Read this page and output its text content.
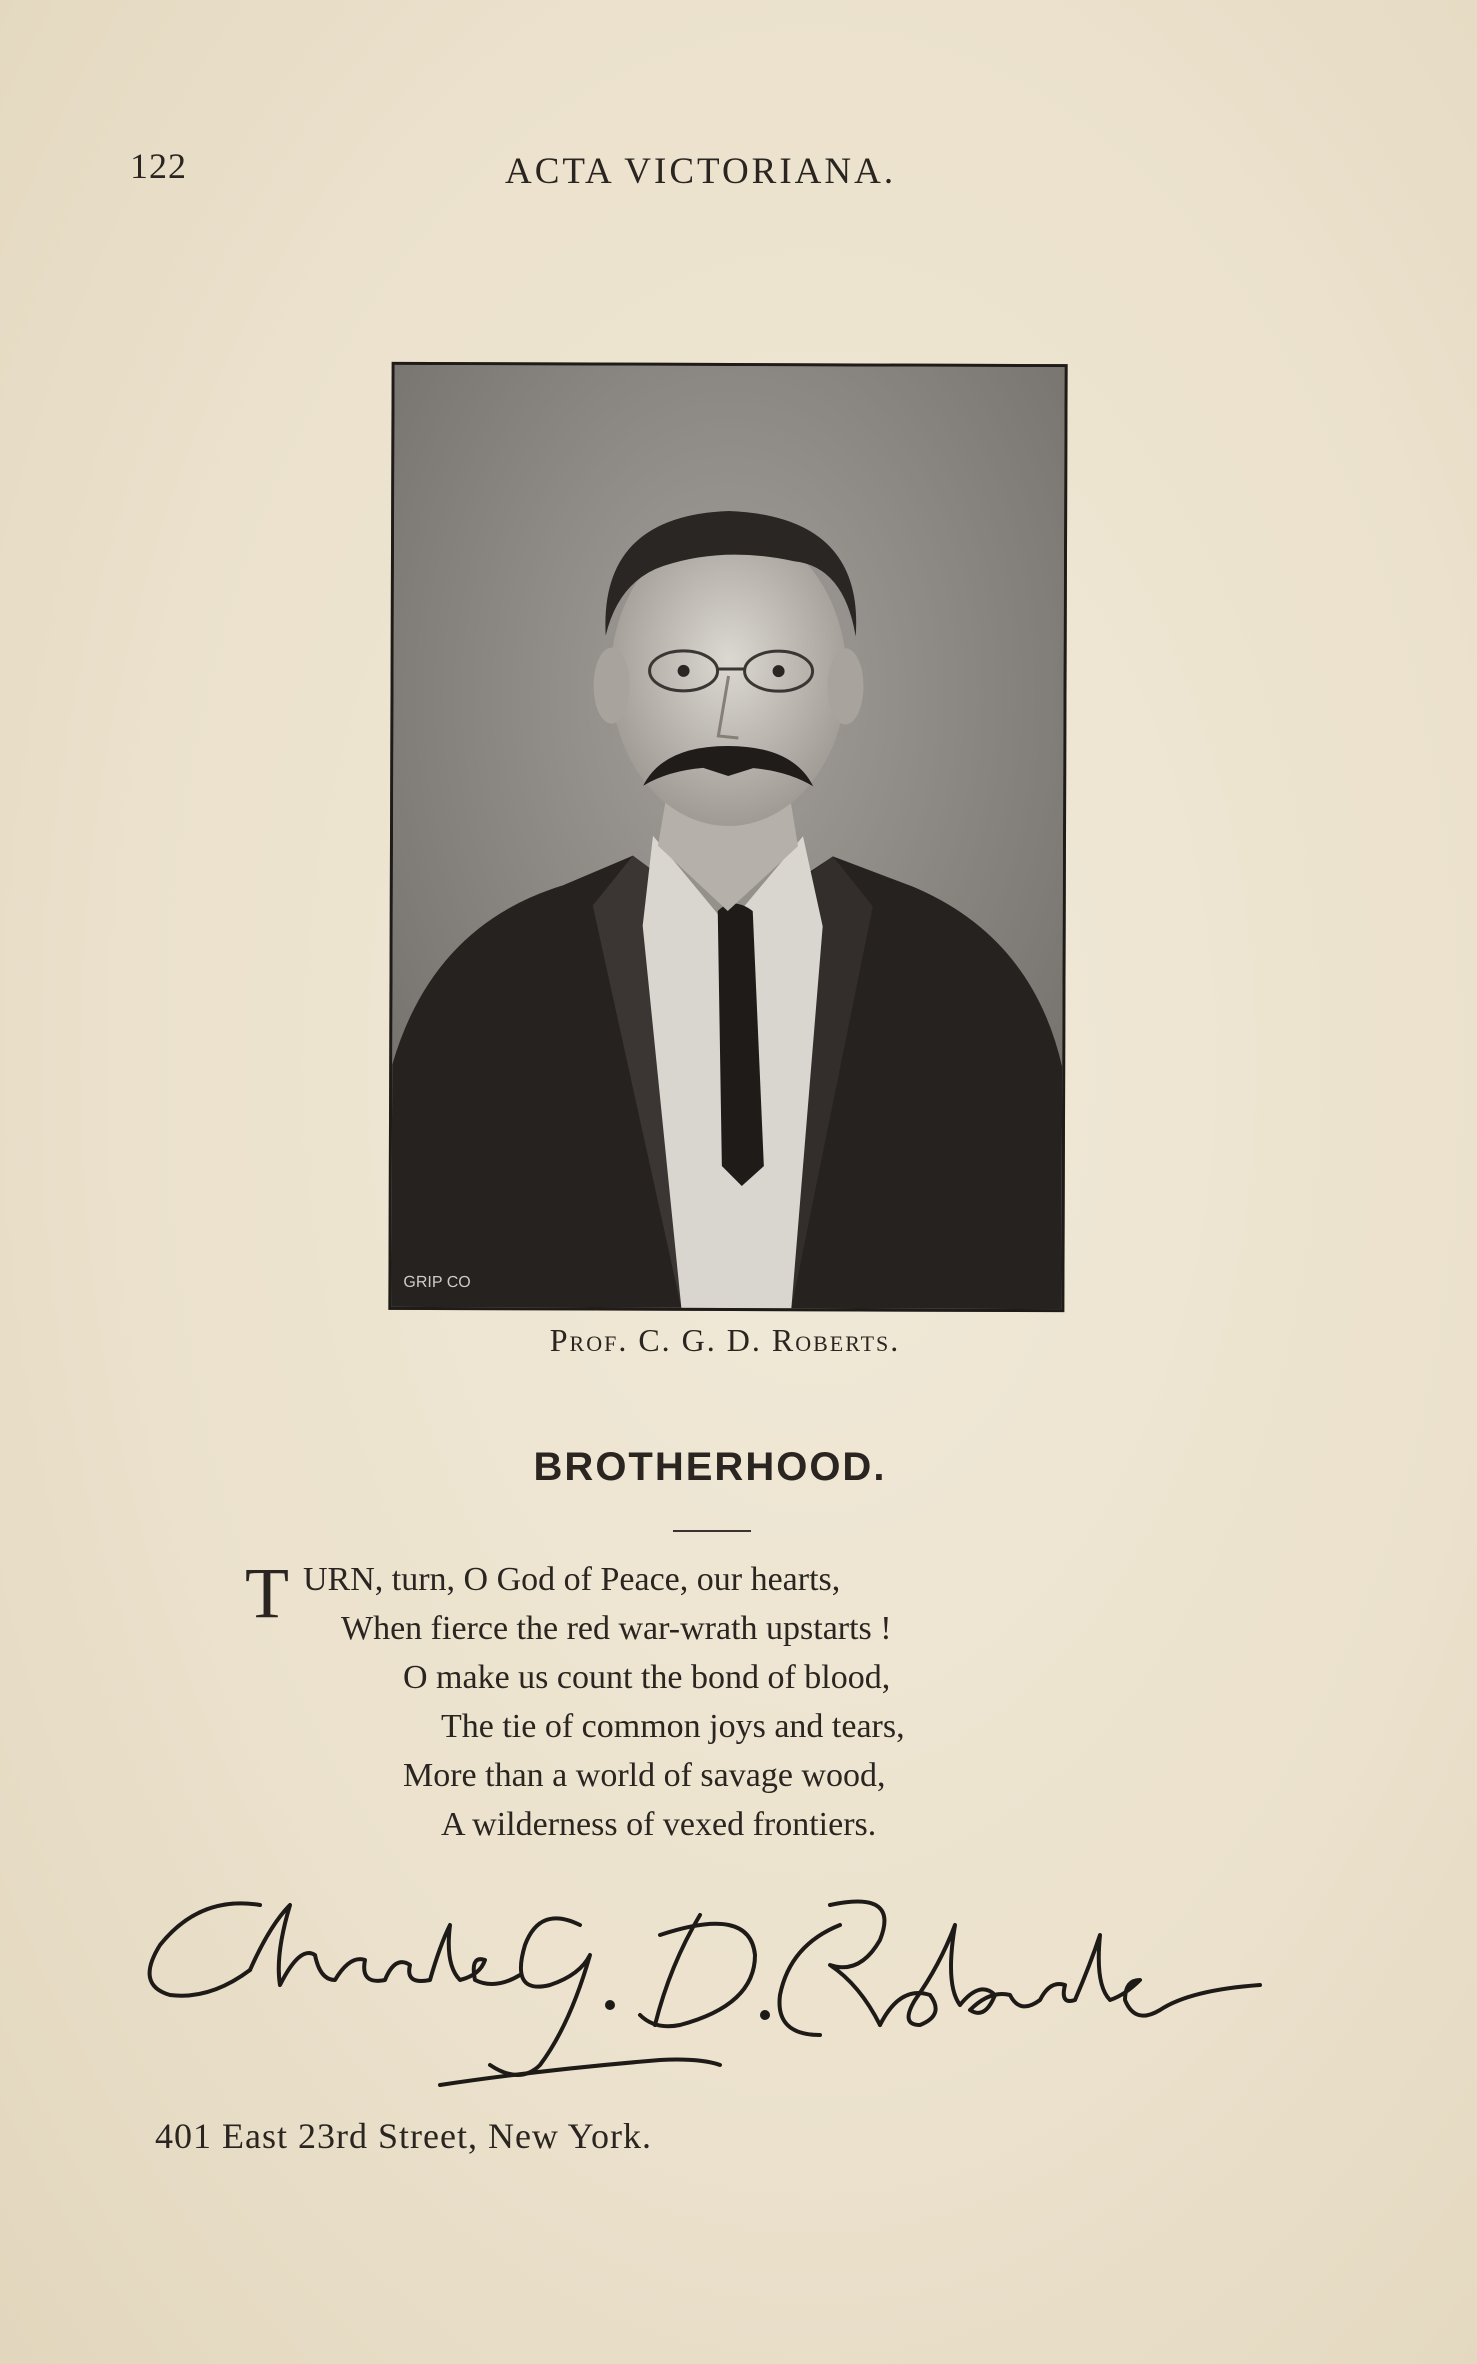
122	ACTA VICTORIANA.
GRIP CO
Prof. C. G. D. Roberts.
BROTHERHOOD.
T URN, turn, O God of Peace, our hearts,
When fierce the red war-wrath upstarts !
O make us count the bond of blood,
The tie of common joys and tears,
More than a world of savage wood,
A wilderness of vexed frontiers.
Charles G. D. Roberts
401 East 23rd Street, New York.
